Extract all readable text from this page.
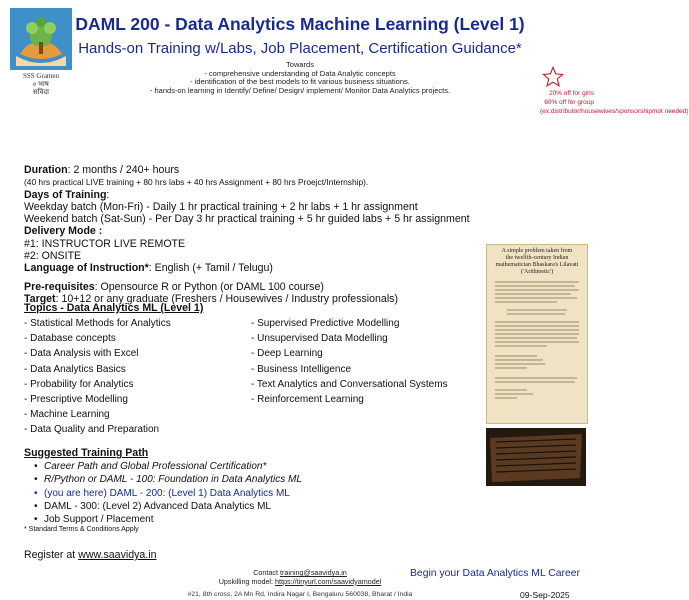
SSS Gramen
e भाष
सविदा
DAML 200 - Data Analytics Machine Learning (Level 1)
Hands-on Training w/Labs, Job Placement, Certification Guidance*
Towards
- comprehensive understanding of Data Analytic concepts
- identification of the best models to fit various business situations.
- hands-on learning in Identify/ Define/ Design/ implement/ Monitor Data Analytics projects.	20% off for girls
60% off for group
(ex:distributor/housewives/sponsorship/not needed)
Duration: 2 months / 240+ hours
(40 hrs practical LIVE training + 80 hrs labs + 40 hrs Assignment + 80 hrs Proejct/Internship).
Days of Training:
Weekday batch (Mon-Fri) - Daily 1 hr practical training + 2 hr labs + 1 hr assignment
Weekend batch (Sat-Sun) - Per Day 3 hr practical training + 5 hr guided labs + 5 hr assignment
Delivery Mode :
#1: INSTRUCTOR LIVE REMOTE
#2: ONSITE
Language of Instruction*: English (+ Tamil / Telugu)
Pre-requisites: Opensource R or Python (or DAML 100 course)
Target: 10+12 or any graduate (Freshers / Housewives / Industry professionals)
A simple problem taken from
the twelfth-century Indian
mathematician Bhaskara's Lilavati
('Arithmetic')
Topics - Data Analytics ML (Level 1)
- Statistical Methods for Analytics
- Database concepts
- Data Analysis with Excel
- Data Analytics Basics
- Probability for Analytics
- Prescriptive Modelling
- Machine Learning
- Data Quality and Preparation
- Supervised Predictive Modelling
- Unsupervised Data Modelling
- Deep Learning
- Business Intelligence
- Text Analytics and Conversational Systems
- Reinforcement Learning
Suggested Training Path
• Career Path and Global Professional Certification*
• R/Python or DAML - 100: Foundation in Data Analytics ML
• (you are here) DAML - 200: (Level 1) Data Analytics ML
• DAML - 300: (Level 2) Advanced Data Analytics ML
• Job Support / Placement
* Standard Terms & Conditions Apply
Register at www.saavidya.in
Contact training@saavidya.in
Upskilling model: https://tinyurl.com/saavidyamodel
Begin your Data Analytics ML Career
#21, 8th cross, 2A Mn Rd, Indira Nagar I, Bengaluru 560038, Bharat / India	09-Sep-2025
